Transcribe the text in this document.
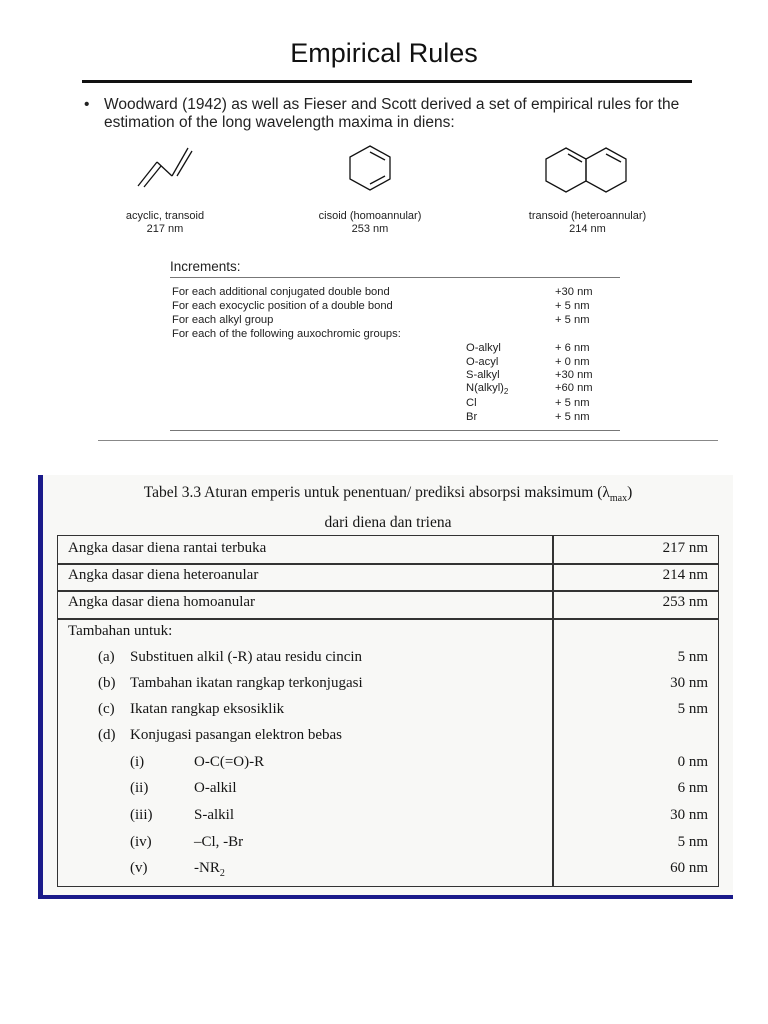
Empirical Rules
• Woodward (1942) as well as Fieser and Scott derived a set of empirical rules for the estimation of the long wavelength maxima in diens:
acyclic, transoid
217 nm
cisoid (homoannular)
253 nm
transoid (heteroannular)
214 nm
Increments:
For each additional conjugated double bond	+30 nm
For each exocyclic position of a double bond	+ 5 nm
For each alkyl group	+ 5 nm
For each of the following auxochromic groups:
O-alkyl	+ 6 nm
O-acyl	+ 0 nm
S-alkyl	+30 nm
$N(alkyl)_2$	+60 nm
Cl	+ 5 nm
Br	+ 5 nm
Tabel 3.3 Aturan emperis untuk penentuan/ prediksi absorpsi maksimum $(\lambda_{max})$
dari diena dan triena
Angka dasar diena rantai terbuka	217 nm
Angka dasar diena heteroanular	214 nm
Angka dasar diena homoanular	253 nm
Tambahan untuk:
(a) Substituen alkil (-R) atau residu cincin	5 nm
(b) Tambahan ikatan rangkap terkonjugasi	30 nm
(c) Ikatan rangkap eksosiklik	5 nm
(d) Konjugasi pasangan elektron bebas
(i)	O-C(=O)-R	0 nm
(ii)	O-alkil	6 nm
(iii)	S-alkil	30 nm
(iv)	–Cl, -Br	5 nm
(v)	$-NR_2$	60 nm
